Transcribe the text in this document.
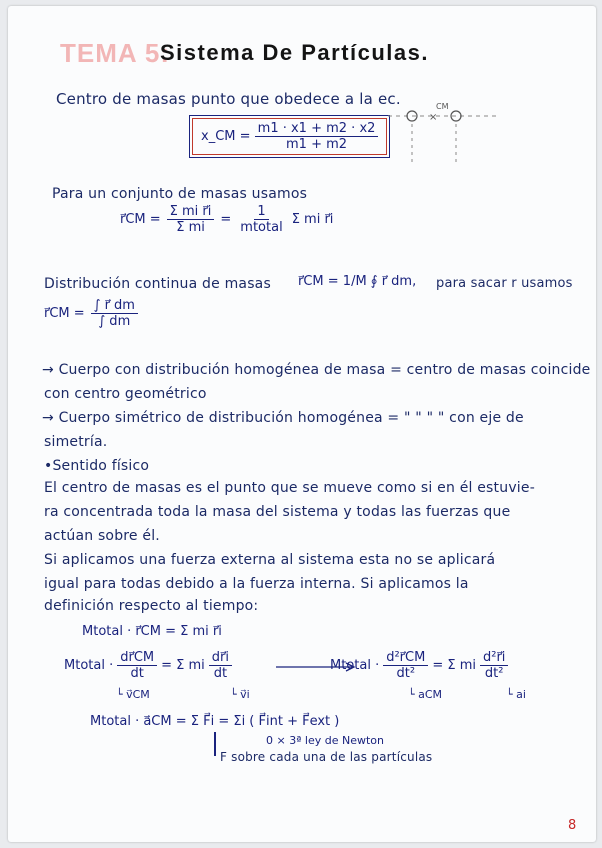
TEMA 5:
Sistema De Partículas.
Centro de masas punto que obedece a la ec.
x_CM = $\frac{m1 \cdot x1 + m2 \cdot x2}{m1 + m2}$
×
CM
Para un conjunto de masas usamos
r⃗CM = $\frac{\text{Σ mi r⃗i}}{\text{Σ mi}} = \frac{1}{\text{mtotal}}$ Σ mi r⃗i
Distribución continua de masas r⃗CM = 1/M ∮ r⃗ dm, para sacar r usamos
r⃗CM = $\frac{\int r⃗ dm}{\int dm}$
→ Cuerpo con distribución homogénea de masa = centro de masas coincide
con centro geométrico
→ Cuerpo simétrico de distribución homogénea = " " " " con eje de
simetría.
•Sentido físico
El centro de masas es el punto que se mueve como si en él estuvie-
ra concentrada toda la masa del sistema y todas las fuerzas que
actúan sobre él.
Si aplicamos una fuerza externa al sistema esta no se aplicará
igual para todas debido a la fuerza interna. Si aplicamos la
definición respecto al tiempo:
Mtotal · r⃗CM = Σ mi r⃗i
Mtotal · $\frac{dr⃗CM}{dt} = \Sigma$ mi $\frac{dr⃗i}{dt}$	Mtotal · $\frac{\text{d²r⃗CM}}{\text{dt²}} = \Sigma$ mi $\frac{\text{d²r⃗i}}{\text{dt²}}$
└ v⃗CM	└ v⃗i	└ aCM	└ ai
Mtotal · a⃗CM = Σ F⃗i = Σi ( F⃗int + F⃗ext )
0 × 3ª ley de Newton
F sobre cada una de las partículas
8
